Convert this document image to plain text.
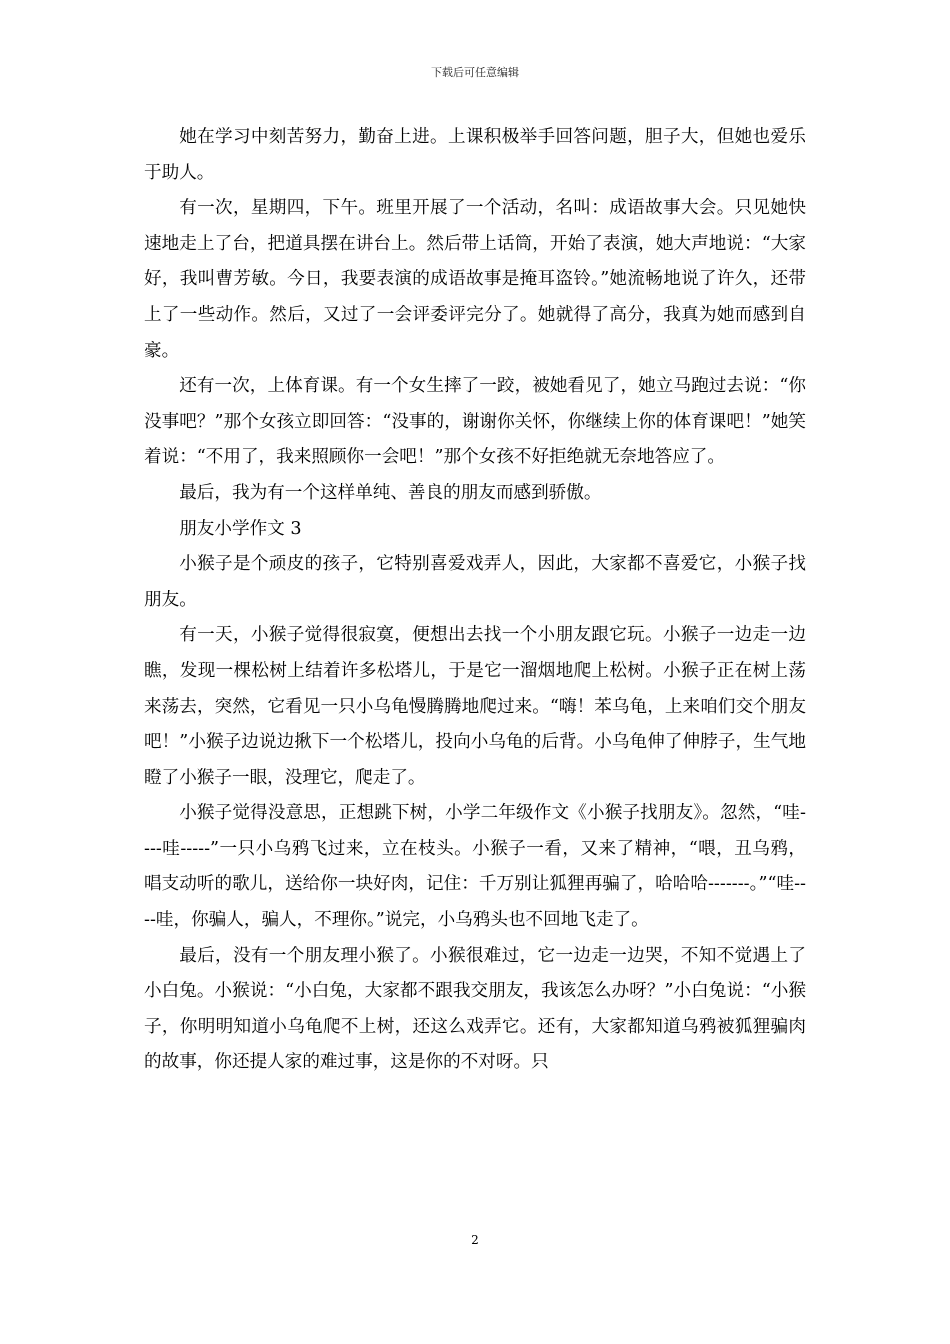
下载后可任意编辑

她在学习中刻苦努力，勤奋上进。上课积极举手回答问题，胆子大，但她也爱乐于助人。

有一次，星期四，下午。班里开展了一个活动，名叫：成语故事大会。只见她快速地走上了台，把道具摆在讲台上。然后带上话筒，开始了表演，她大声地说：“大家好，我叫曹芳敏。今日，我要表演的成语故事是掩耳盗铃。”她流畅地说了许久，还带上了一些动作。然后，又过了一会评委评完分了。她就得了高分，我真为她而感到自豪。

还有一次，上体育课。有一个女生摔了一跤，被她看见了，她立马跑过去说：“你没事吧？”那个女孩立即回答：“没事的，谢谢你关怀，你继续上你的体育课吧！”她笑着说：“不用了，我来照顾你一会吧！”那个女孩不好拒绝就无奈地答应了。

最后，我为有一个这样单纯、善良的朋友而感到骄傲。

朋友小学作文 3

小猴子是个顽皮的孩子，它特别喜爱戏弄人，因此，大家都不喜爱它，小猴子找朋友。

有一天，小猴子觉得很寂寞，便想出去找一个小朋友跟它玩。小猴子一边走一边瞧，发现一棵松树上结着许多松塔儿，于是它一溜烟地爬上松树。小猴子正在树上荡来荡去，突然，它看见一只小乌龟慢腾腾地爬过来。“嗨！苯乌龟，上来咱们交个朋友吧！”小猴子边说边揪下一个松塔儿，投向小乌龟的后背。小乌龟伸了伸脖子，生气地瞪了小猴子一眼，没理它，爬走了。

小猴子觉得没意思，正想跳下树，小学二年级作文《小猴子找朋友》。忽然，“哇----哇-----”一只小乌鸦飞过来，立在枝头。小猴子一看，又来了精神，“喂，丑乌鸦，唱支动听的歌儿，送给你一块好肉，记住：千万别让狐狸再骗了，哈哈哈-------。”“哇----哇，你骗人，骗人，不理你。”说完，小乌鸦头也不回地飞走了。

最后，没有一个朋友理小猴了。小猴很难过，它一边走一边哭，不知不觉遇上了小白兔。小猴说：“小白兔，大家都不跟我交朋友，我该怎么办呀？”小白兔说：“小猴子，你明明知道小乌龟爬不上树，还这么戏弄它。还有，大家都知道乌鸦被狐狸骗肉的故事，你还提人家的难过事，这是你的不对呀。只

2
